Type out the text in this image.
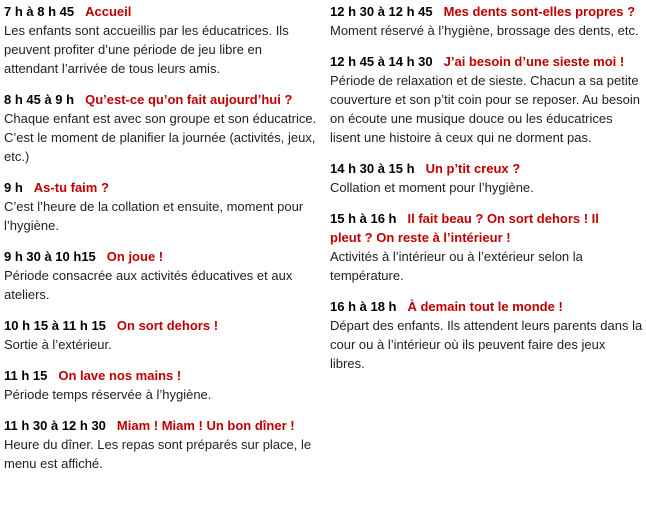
7 h à 8 h 45 Accueil

Les enfants sont accueillis par les éducatrices. Ils peuvent profiter d’une période de jeu libre en attendant l’arrivée de tous leurs amis.

8 h 45 à 9 h Qu’est-ce qu’on fait aujourd’hui ?

Chaque enfant est avec son groupe et son éducatrice. C’est le moment de planifier la journée (activités, jeux, etc.)

9 h As-tu faim ?

C’est l’heure de la collation et ensuite, moment pour l’hygiène.

9 h 30 à 10 h15 On joue !

Période consacrée aux activités éducatives et aux ateliers.

10 h 15 à 11 h 15 On sort dehors !

Sortie à l’extérieur.

11 h 15 On lave nos mains !

Période temps réservée à l’hygiène.

11 h 30 à 12 h 30 Miam ! Miam ! Un bon dîner !

Heure du dîner. Les repas sont préparés sur place, le menu est affiché.

12 h 30 à 12 h 45 Mes dents sont-elles propres ?

Moment réservé à l’hygiène, brossage des dents, etc.

12 h 45 à 14 h 30 J’ai besoin d’une sieste moi !

Période de relaxation et de sieste. Chacun a sa petite couverture et son p’tit coin pour se reposer. Au besoin on écoute une musique douce ou les éducatrices lisent une histoire à ceux qui ne dorment pas.

14 h 30 à 15 h Un p’tit creux ?

Collation et moment pour l’hygiène.

15 h à 16 h Il fait beau ? On sort dehors ! Il pleut ? On reste à l’intérieur !

Activités à l’intérieur ou à l’extérieur selon la température.

16 h à 18 h À demain tout le monde !

Départ des enfants. Ils attendent leurs parents dans la cour ou à l’intérieur où ils peuvent faire des jeux libres.
